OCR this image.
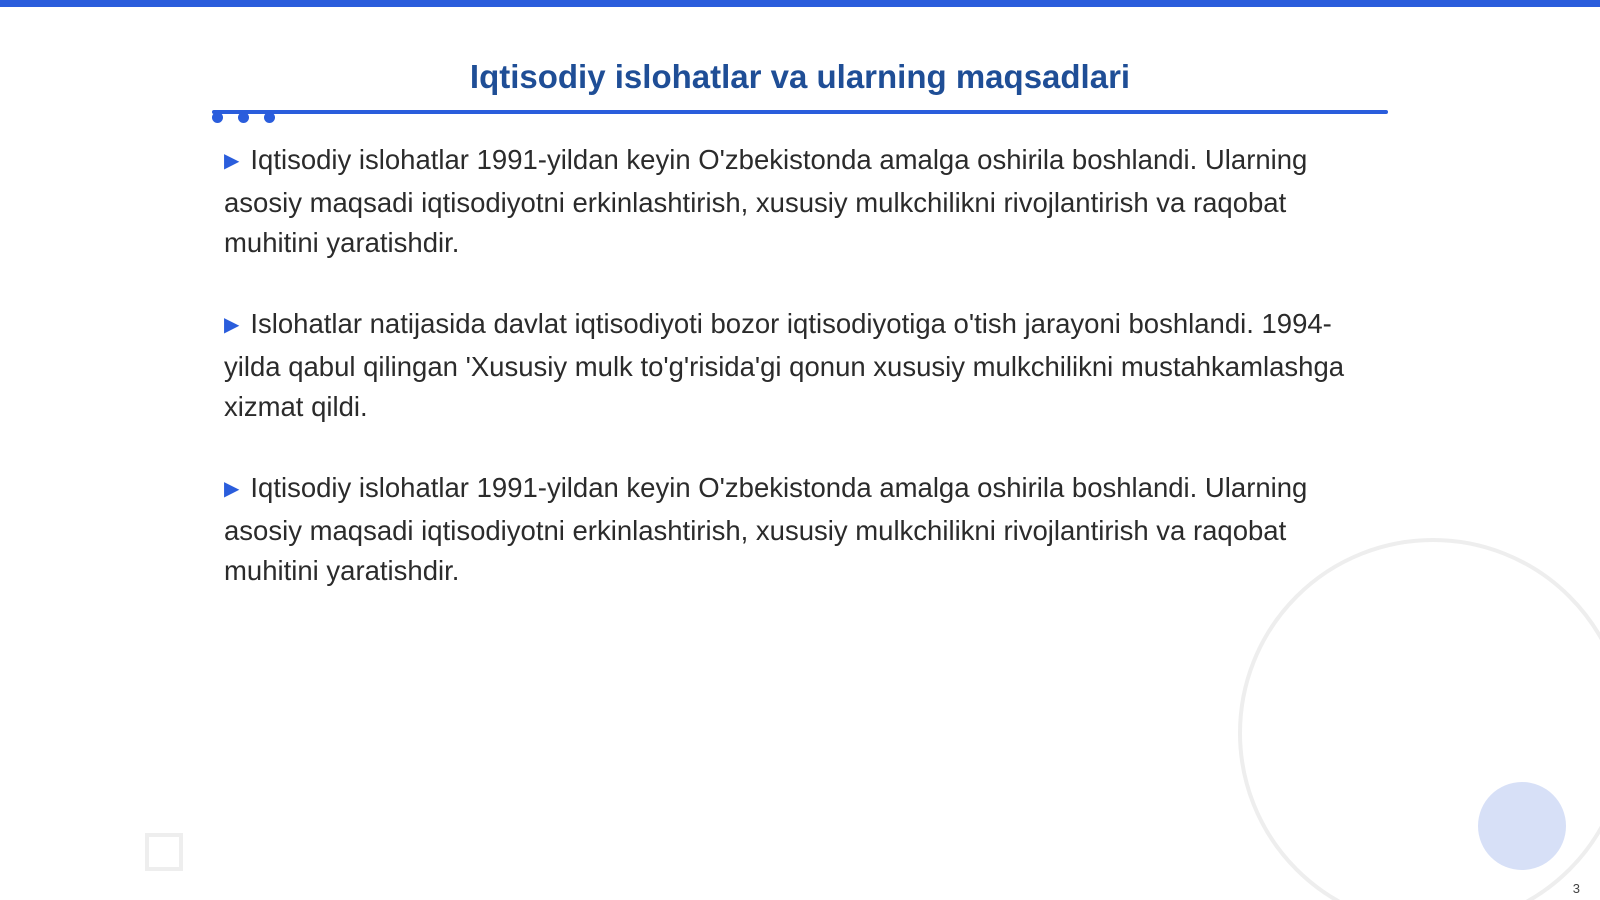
Iqtisodiy islohatlar va ularning maqsadlari
▶ Iqtisodiy islohatlar 1991-yildan keyin O'zbekistonda amalga oshirila boshlandi. Ularning asosiy maqsadi iqtisodiyotni erkinlashtirish, xususiy mulkchilikni rivojlantirish va raqobat muhitini yaratishdir.
▶ Islohatlar natijasida davlat iqtisodiyoti bozor iqtisodiyotiga o'tish jarayoni boshlandi. 1994-yilda qabul qilingan 'Xususiy mulk to'g'risida'gi qonun xususiy mulkchilikni mustahkamlashga xizmat qildi.
▶ Iqtisodiy islohatlar 1991-yildan keyin O'zbekistonda amalga oshirila boshlandi. Ularning asosiy maqsadi iqtisodiyotni erkinlashtirish, xususiy mulkchilikni rivojlantirish va raqobat muhitini yaratishdir.
3
